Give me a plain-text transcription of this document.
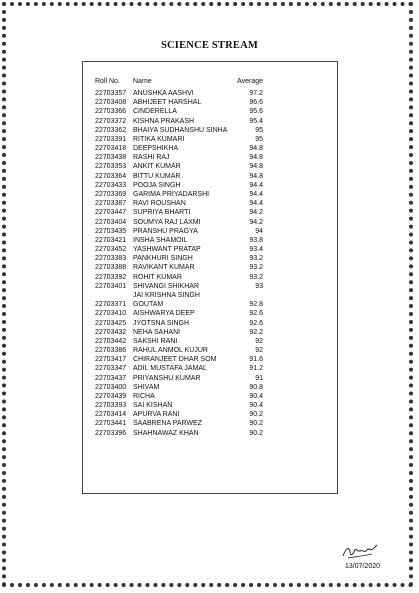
SCIENCE STREAM
Roll No. Name	Average
22703357 ANUSHKA AASHVI	97.2
22703408 ABHIJEET HARSHAL	96.6
22703366 CINDERELLA	95.6
22703372 KISHNA PRAKASH	95.4
22703362 BHAIYA SUDHANSHU SINHA	95
22703391 RITIKA KUMARI	95
22703418 DEEPSHIKHA	94.8
22703438 RASHI RAJ	94.8
22703353 ANKIT KUMAR	94.8
22703364 BITTU KUMAR	94.8
22703433 POOJA SINGH	94.4
22703369 GARIMA PRIYADARSHI	94.4
22703387 RAVI ROUSHAN	94.4
22703447 SUPRIYA BHARTI	94.2
22703404 SOUMYA RAJ LAXMI	94.2
22703435 PRANSHU PRAGYA	94
22703421 INSHA SHAMOIL	93.8
22703452 YASHWANT PRATAP	93.4
22703383 PANKHURI SINGH	93.2
22703388 RAVIKANT KUMAR	93.2
22703392 ROHIT KUMAR	93.2
22703401 SHIVANGI SHIKHAR	93
JAI KRISHNA SINGH
22703371 GOUTAM	92.8
22703410 AISHWARYA DEEP	92.6
22703425 JYOTSNA SINGH	92.6
22703432 NEHA SAHANI	92.2
22703442 SAKSHI RANI	92
22703386 RAHUL ANMOL KUJUR	92
22703417 CHIRANJEET DHAR SOM	91.6
22703347 ADIL MUSTAFA JAMAL	91.2
22703437 PRIYANSHU KUMAR	91
22703400 SHIVAM	90.8
22703439 RICHA	90.4
22703393 SAI KISHAN	90.4
22703414 APURVA RANI	90.2
22703441 SAABRENA PARWEZ	90.2
22703396 SHAHNAWAZ KHAN	90.2
13/07/2020
